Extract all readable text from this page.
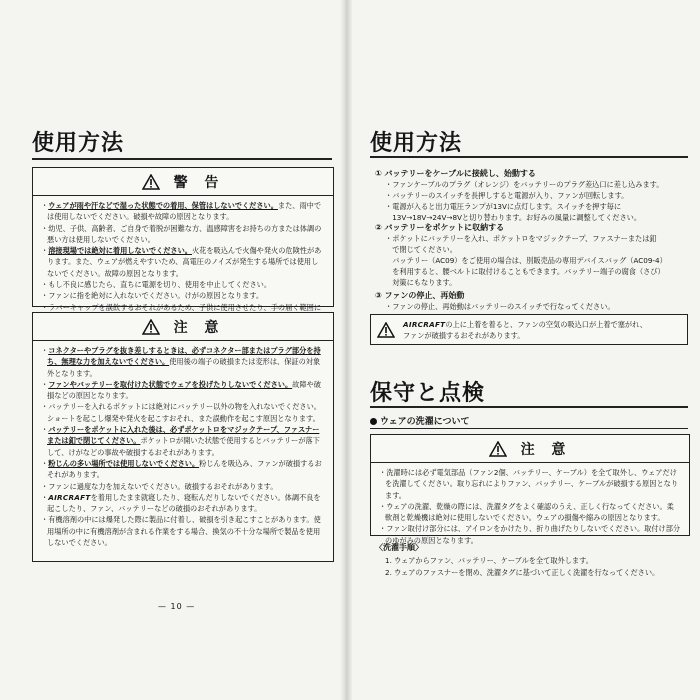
使用方法
警 告
・ ウェアが雨や汗などで湿った状態での着用、保管はしないでください。また、雨中では使用しないでください。破損や故障の原因となります。
・ 幼児、子供、高齢者、ご自身で着脱が困難な方、温感障害をお持ちの方または体調の悪い方は使用しないでください。
・ 溶接現場では絶対に着用しないでください。火花を吸込んで火傷や発火の危険性があります。また、ウェアが燃えやすいため、高電圧のノイズが発生する場所では使用しないでください。故障の原因となります。
・ もし不良に感じたら、直ちに電源を切り、使用を中止してください。
・ ファンに指を絶対に入れないでください。けがの原因となります。
・ ラバーキャップを誤飲するおそれがあるため、子供に使用させたり、手の届く範囲に
注 意
・ コネクターやプラグを抜き差しするときは、必ずコネクター部またはプラグ部分を持ち、無理な力を加えないでください。使用後の端子の破損または変形は、保証の対象外となります。
・ ファンやバッテリーを取付けた状態でウェアを投げたりしないでください。故障や破損などの原因となります。
・ バッテリーを入れるポケットには絶対にバッテリー以外の物を入れないでください。ショートを起こし爆発や発火を起こすおそれ、また誤動作を起こす原因となります。
・ バッテリーをポケットに入れた後は、必ずポケットロをマジックテープ、ファスナーまたは釦で閉じてください。ポケットロが開いた状態で使用するとバッテリーが落下して、けがなどの事故や破損するおそれがあります。
・ 粉じんの多い場所では使用しないでください。粉じんを吸込み、ファンが破損するおそれがあります。
・ ファンに過度な力を加えないでください。破損するおそれがあります。
・ AIRCRAFTを着用したまま就寝したり、寝転んだりしないでください。体調不良を起こしたり、ファン、バッテリーなどの破損のおそれがあります。
・ 有機溶剤の中には爆発した際に製品に付着し、破損を引き起こすことがあります。使用場所の中に有機溶剤が含まれる作業をする場合、換気の不十分な場所で製品を使用しないでください。
— 10 —
使用方法
① バッテリーをケーブルに接続し、始動する
・ファンケーブルのプラグ（オレンジ）をバッテリーのプラグ差込口に差し込みます。
・バッテリーのスイッチを長押しすると電源が入り、ファンが回転します。
・電源が入ると出力電圧ランプが13Vに点灯します。スイッチを押す毎に
　13V→18V→24V→8Vと切り替わります。お好みの風量に調整してください。
② バッテリーをポケットに収納する
・ポケットにバッテリーを入れ、ポケットロをマジックテープ、ファスナーまたは釦
　で閉じてください。
　バッテリー（AC09）をご使用の場合は、別販売品の専用デバイスバッグ（AC09-4）
　を利用すると、腰ベルトに取付けることもできます。バッテリー端子の腐食（さび）
　対策にもなります。
③ ファンの停止、再始動
・ファンの停止、再始動はバッテリーのスイッチで行なってください。
AIRCRAFTの上に上着を着ると、ファンの空気の吸込口が上着で塞がれ、
ファンが破損するおそれがあります。
保守と点検
ウェアの洗濯について
注 意
・ 洗濯時には必ず電気部品（ファン2個、バッテリー、ケーブル）を全て取外し、ウェアだけを洗濯してください。取り忘れによりファン、バッテリー、ケーブルが破損する原因となります。
・ ウェアの洗濯、乾燥の際には、洗濯タグをよく確認のうえ、正しく行なってください。柔軟剤と乾燥機は絶対に使用しないでください。ウェアの損傷や縮みの原因となります。
・ ファン取付け部分には、アイロンをかけたり、折り曲げたりしないでください。取付け部分のゆがみの原因となります。
〈洗濯手順〉
1. ウェアからファン、バッテリー、ケーブルを全て取外します。
2. ウェアのファスナーを閉め、洗濯タグに基づいて正しく洗濯を行なってください。
